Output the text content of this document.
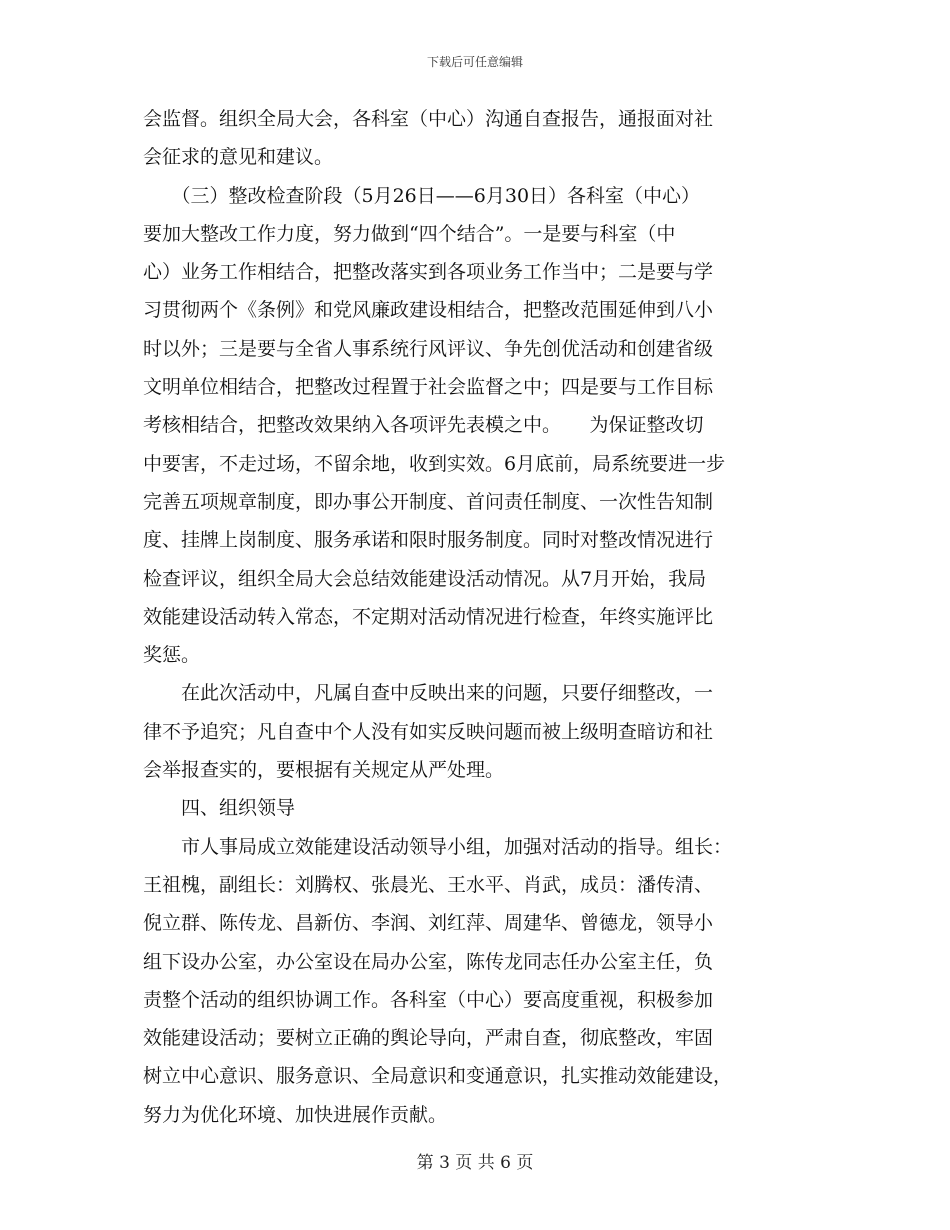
下载后可任意编辑
会监督。组织全局大会，各科室（中心）沟通自查报告，通报面对社
会征求的意见和建议。
　　（三）整改检查阶段（5月26日——6月30日）各科室（中心）
要加大整改工作力度，努力做到“四个结合”。一是要与科室（中
心）业务工作相结合，把整改落实到各项业务工作当中；二是要与学
习贯彻两个《条例》和党风廉政建设相结合，把整改范围延伸到八小
时以外；三是要与全省人事系统行风评议、争先创优活动和创建省级
文明单位相结合，把整改过程置于社会监督之中；四是要与工作目标
考核相结合，把整改效果纳入各项评先表模之中。　　为保证整改切
中要害，不走过场，不留余地，收到实效。6月底前，局系统要进一步
完善五项规章制度，即办事公开制度、首问责任制度、一次性告知制
度、挂牌上岗制度、服务承诺和限时服务制度。同时对整改情况进行
检查评议，组织全局大会总结效能建设活动情况。从7月开始，我局
效能建设活动转入常态，不定期对活动情况进行检查，年终实施评比
奖惩。
　　在此次活动中，凡属自查中反映出来的问题，只要仔细整改，一
律不予追究；凡自查中个人没有如实反映问题而被上级明查暗访和社
会举报查实的，要根据有关规定从严处理。
　　四、组织领导
　　市人事局成立效能建设活动领导小组，加强对活动的指导。组长：
王祖槐，副组长：刘腾权、张晨光、王水平、肖武，成员：潘传清、
倪立群、陈传龙、昌新仿、李润、刘红萍、周建华、曾德龙，领导小
组下设办公室，办公室设在局办公室，陈传龙同志任办公室主任，负
责整个活动的组织协调工作。各科室（中心）要高度重视，积极参加
效能建设活动；要树立正确的舆论导向，严肃自查，彻底整改，牢固
树立中心意识、服务意识、全局意识和变通意识，扎实推动效能建设，
努力为优化环境、加快进展作贡献。
第 3 页 共 6 页
